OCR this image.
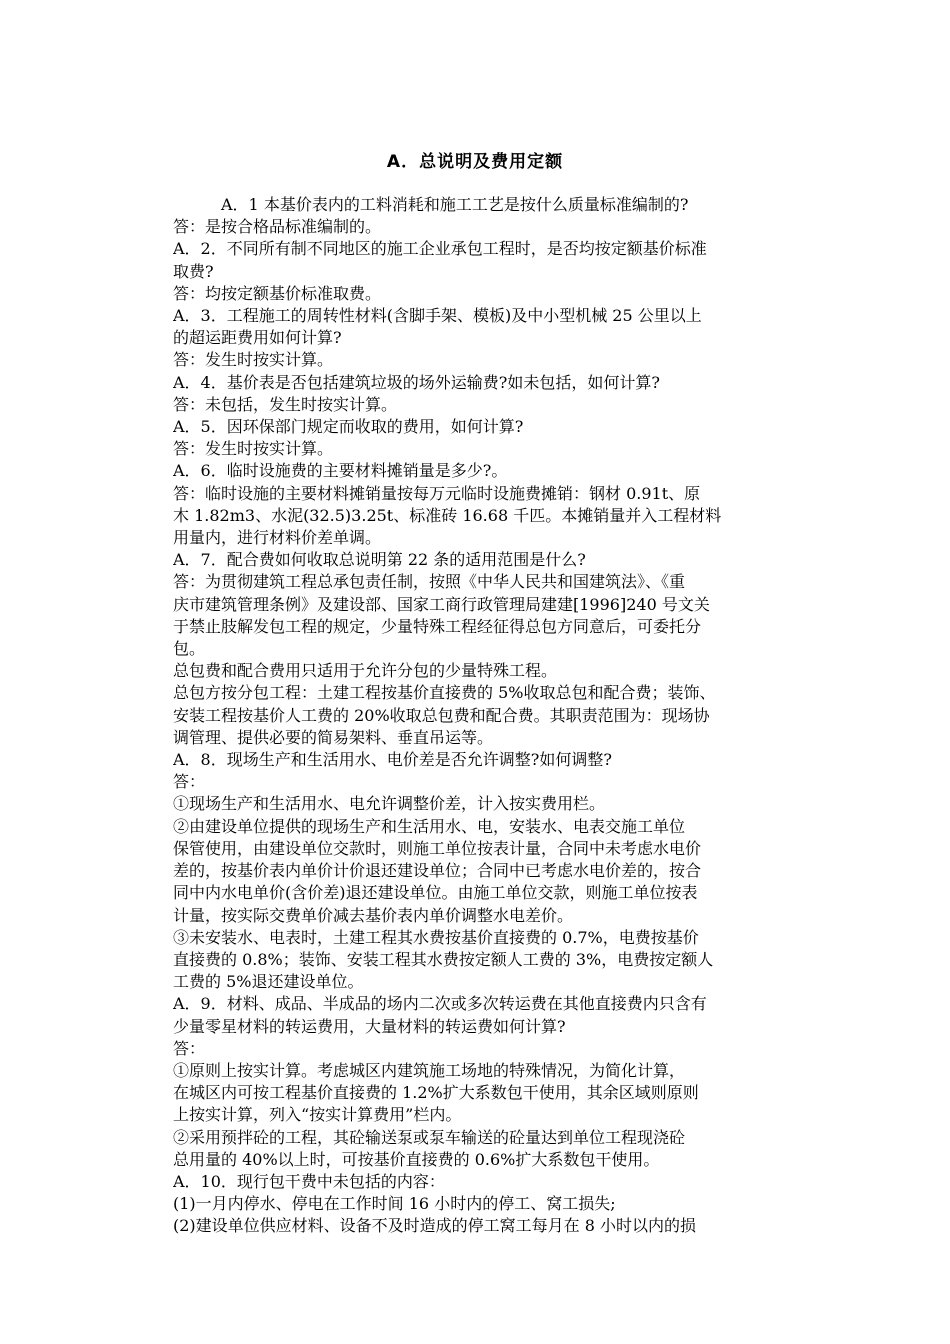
A．总说明及费用定额
A．1 本基价表内的工料消耗和施工工艺是按什么质量标准编制的?
答：是按合格品标准编制的。
A．2．不同所有制不同地区的施工企业承包工程时，是否均按定额基价标准
取费?
答：均按定额基价标准取费。
A．3．工程施工的周转性材料(含脚手架、模板)及中小型机械 25 公里以上
的超运距费用如何计算?
答：发生时按实计算。
A．4．基价表是否包括建筑垃圾的场外运输费?如未包括，如何计算?
答：未包括，发生时按实计算。
A．5．因环保部门规定而收取的费用，如何计算?
答：发生时按实计算。
A．6．临时设施费的主要材料摊销量是多少?。
答：临时设施的主要材料摊销量按每万元临时设施费摊销：钢材 0.91t、原
木 1.82m3、水泥(32.5)3.25t、标准砖 16.68 千匹。本摊销量并入工程材料
用量内，进行材料价差单调。
A．7．配合费如何收取总说明第 22 条的适用范围是什么?
答：为贯彻建筑工程总承包责任制，按照《中华人民共和国建筑法》、《重
庆市建筑管理条例》及建设部、国家工商行政管理局建建[1996]240 号文关
于禁止肢解发包工程的规定，少量特殊工程经征得总包方同意后，可委托分
包。
总包费和配合费用只适用于允许分包的少量特殊工程。
总包方按分包工程：土建工程按基价直接费的 5%收取总包和配合费；装饰、
安装工程按基价人工费的 20%收取总包费和配合费。其职责范围为：现场协
调管理、提供必要的简易架料、垂直吊运等。
A．8．现场生产和生活用水、电价差是否允许调整?如何调整?
答：
①现场生产和生活用水、电允许调整价差，计入按实费用栏。
②由建设单位提供的现场生产和生活用水、电，安装水、电表交施工单位
保管使用，由建设单位交款时，则施工单位按表计量，合同中未考虑水电价
差的，按基价表内单价计价退还建设单位；合同中已考虑水电价差的，按合
同中内水电单价(含价差)退还建设单位。由施工单位交款，则施工单位按表
计量，按实际交费单价减去基价表内单价调整水电差价。
③未安装水、电表时，土建工程其水费按基价直接费的 0.7%，电费按基价
直接费的 0.8%；装饰、安装工程其水费按定额人工费的 3%，电费按定额人
工费的 5%退还建设单位。
A．9．材料、成品、半成品的场内二次或多次转运费在其他直接费内只含有
少量零星材料的转运费用，大量材料的转运费如何计算?
答：
①原则上按实计算。考虑城区内建筑施工场地的特殊情况，为简化计算，
在城区内可按工程基价直接费的 1.2%扩大系数包干使用，其余区域则原则
上按实计算，列入“按实计算费用”栏内。
②采用预拌砼的工程，其砼输送泵或泵车输送的砼量达到单位工程现浇砼
总用量的 40%以上时，可按基价直接费的 0.6%扩大系数包干使用。
A．10．现行包干费中未包括的内容：
(1)一月内停水、停电在工作时间 16 小时内的停工、窝工损失;
(2)建设单位供应材料、设备不及时造成的停工窝工每月在 8 小时以内的损
